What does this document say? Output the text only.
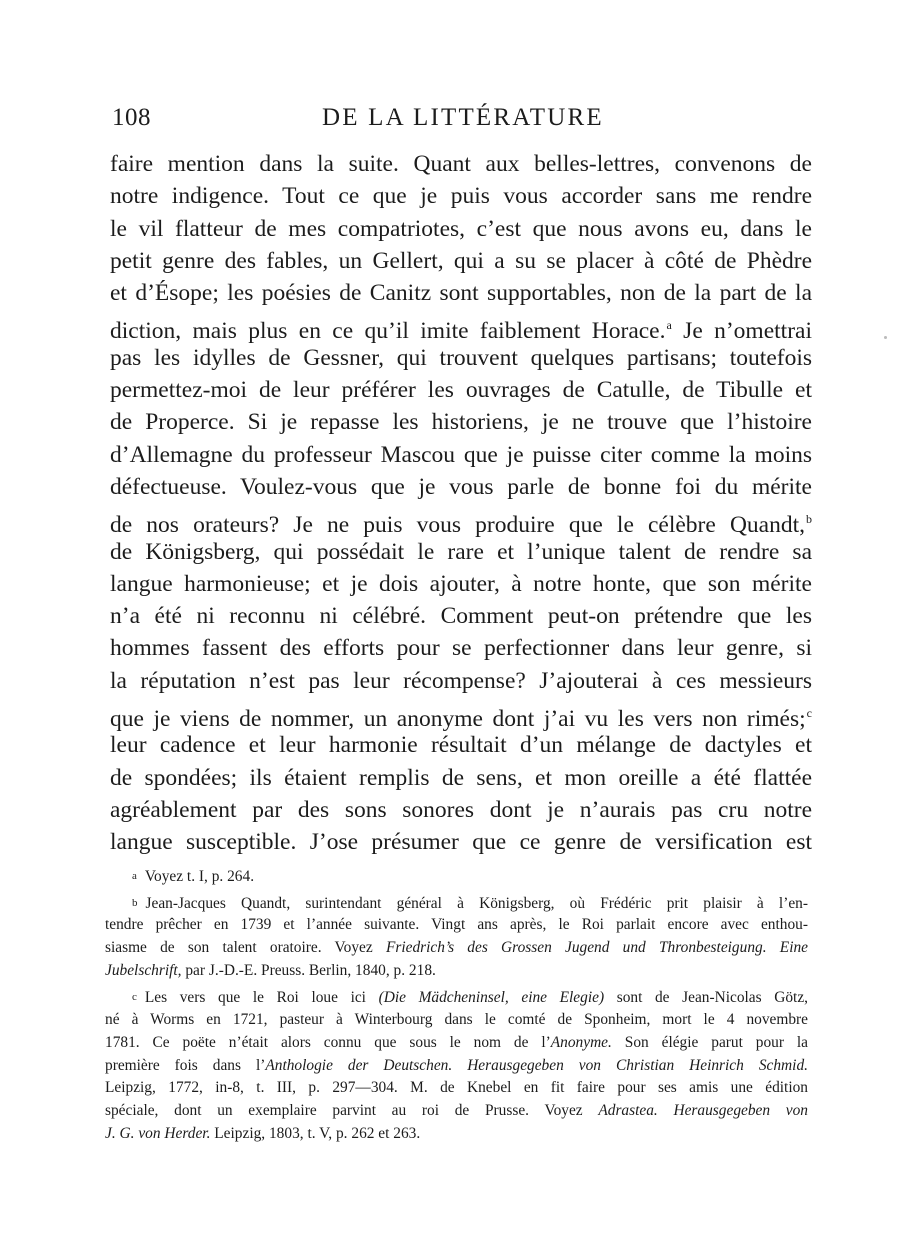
108	DE LA LITTÉRATURE
faire mention dans la suite. Quant aux belles-lettres, convenons de
notre indigence. Tout ce que je puis vous accorder sans me rendre
le vil flatteur de mes compatriotes, c’est que nous avons eu, dans le
petit genre des fables, un Gellert, qui a su se placer à côté de Phèdre
et d’Ésope; les poésies de Canitz sont supportables, non de la part de la
diction, mais plus en ce qu’il imite faiblement Horace.$^a$ Je n’omettrai
pas les idylles de Gessner, qui trouvent quelques partisans; toutefois
permettez-moi de leur préférer les ouvrages de Catulle, de Tibulle et
de Properce. Si je repasse les historiens, je ne trouve que l’histoire
d’Allemagne du professeur Mascou que je puisse citer comme la moins
défectueuse. Voulez-vous que je vous parle de bonne foi du mérite
de nos orateurs? Je ne puis vous produire que le célèbre Quandt,$^b$
de Königsberg, qui possédait le rare et l’unique talent de rendre sa
langue harmonieuse; et je dois ajouter, à notre honte, que son mérite
n’a été ni reconnu ni célébré. Comment peut-on prétendre que les
hommes fassent des efforts pour se perfectionner dans leur genre, si
la réputation n’est pas leur récompense? J’ajouterai à ces messieurs
que je viens de nommer, un anonyme dont j’ai vu les vers non rimés;$^c$
leur cadence et leur harmonie résultait d’un mélange de dactyles et
de spondées; ils étaient remplis de sens, et mon oreille a été flattée
agréablement par des sons sonores dont je n’aurais pas cru notre
langue susceptible. J’ose présumer que ce genre de versification est
a Voyez t. I, p. 264.
b Jean-Jacques Quandt, surintendant général à Königsberg, où Frédéric prit plaisir à l’en-
tendre prêcher en 1739 et l’année suivante. Vingt ans après, le Roi parlait encore avec enthou-
siasme de son talent oratoire. Voyez Friedrich’s des Grossen Jugend und Thronbesteigung. Eine
Jubelschrift, par J.-D.-E. Preuss. Berlin, 1840, p. 218.
c Les vers que le Roi loue ici (Die Mädcheninsel, eine Elegie) sont de Jean-Nicolas Götz,
né à Worms en 1721, pasteur à Winterbourg dans le comté de Sponheim, mort le 4 novembre
1781. Ce poëte n’était alors connu que sous le nom de l’Anonyme. Son élégie parut pour la
première fois dans l’Anthologie der Deutschen. Herausgegeben von Christian Heinrich Schmid.
Leipzig, 1772, in-8, t. III, p. 297—304. M. de Knebel en fit faire pour ses amis une édition
spéciale, dont un exemplaire parvint au roi de Prusse. Voyez Adrastea. Herausgegeben von
J. G. von Herder. Leipzig, 1803, t. V, p. 262 et 263.
